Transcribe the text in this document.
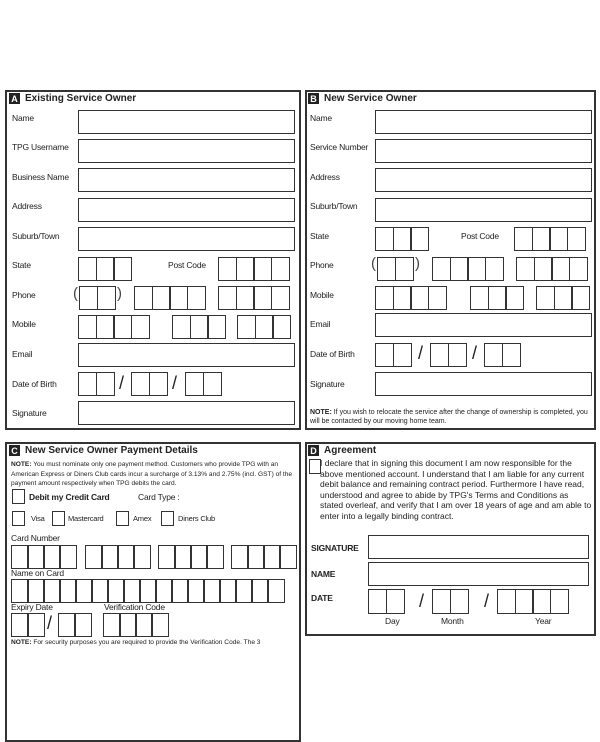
A Existing Service Owner
Name
TPG Username
Business Name
Address
Suburb/Town
State	Post Code
Phone (	)
Mobile
Email
Date of Birth	/	/
Signature
B New Service Owner
Name
Service Number
Address
Suburb/Town
State	Post Code
Phone (	)
Mobile
Email
Date of Birth	/	/
Signature
NOTE: If you wish to relocate the service after the change of ownership is completed, you will be contacted by our moving home team.
C New Service Owner Payment Details
NOTE: You must nominate only one payment method. Customers who provide TPG with an American Express or Diners Club cards incur a surcharge of 3.13% and 2.75% (incl. GST) of the payment amount respectively when TPG debits the card.
Debit my Credit Card	Card Type :
Visa	Mastercard	Amex	Diners Club
Card Number
Name on Card
Expiry Date
/
Verification Code
NOTE: For security purposes you are required to provide the Verification Code. The 3
D Agreement
I declare that in signing this document I am now responsible for the above mentioned account. I understand that I am liable for any current debit balance and remaining contract period. Furthermore I have read, understood and agree to abide by TPG's Terms and Conditions as stated overleaf, and verify that I am over 18 years of age and am able to enter into a legally binding contract.
SIGNATURE
NAME
DATE	/	/
Day	Month	Year
